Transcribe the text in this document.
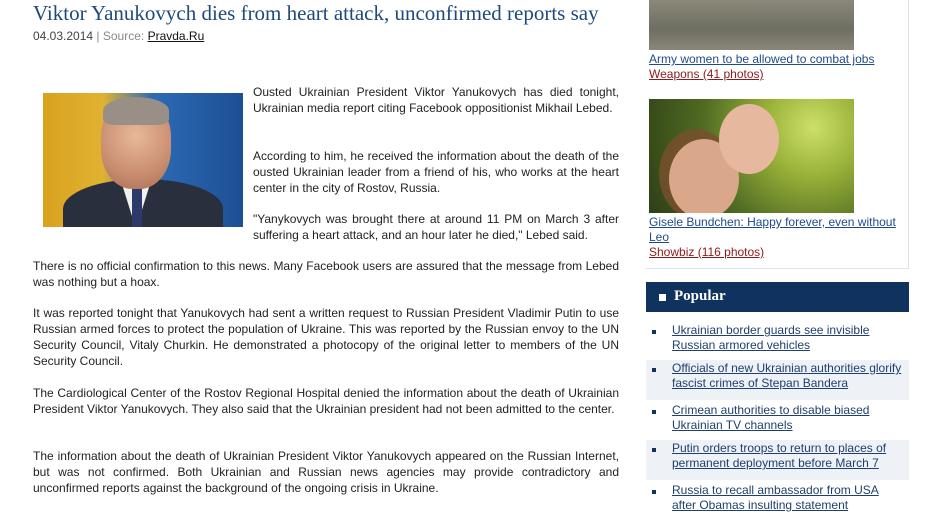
Viktor Yanukovych dies from heart attack, unconfirmed reports say
04.03.2014 | Source: Pravda.Ru

Ousted Ukrainian President Viktor Yanukovych has died tonight, Ukrainian media report citing Facebook oppositionist Mikhail Lebed.

According to him, he received the information about the death of the ousted Ukrainian leader from a friend of his, who works at the heart center in the city of Rostov, Russia.

"Yanykovych was brought there at around 11 PM on March 3 after suffering a heart attack, and an hour later he died," Lebed said.

There is no official confirmation to this news. Many Facebook users are assured that the message from Lebed was nothing but a hoax.

It was reported tonight that Yanukovych had sent a written request to Russian President Vladimir Putin to use Russian armed forces to protect the population of Ukraine. This was reported by the Russian envoy to the UN Security Council, Vitaly Churkin. He demonstrated a photocopy of the original letter to members of the UN Security Council.

The Cardiological Center of the Rostov Regional Hospital denied the information about the death of Ukrainian President Viktor Yanukovych. They also said that the Ukrainian president had not been admitted to the center.

The information about the death of Ukrainian President Viktor Yanukovych appeared on the Russian Internet, but was not confirmed. Both Ukrainian and Russian news agencies may provide contradictory and unconfirmed reports against the background of the ongoing crisis in Ukraine.

Army women to be allowed to combat jobs
Weapons (41 photos)
Gisele Bundchen: Happy forever, even without Leo
Showbiz (116 photos)
Popular
Ukrainian border guards see invisible Russian armored vehicles
Officials of new Ukrainian authorities glorify fascist crimes of Stepan Bandera
Crimean authorities to disable biased Ukrainian TV channels
Putin orders troops to return to places of permanent deployment before March 7
Russia to recall ambassador from USA after Obamas insulting statement
